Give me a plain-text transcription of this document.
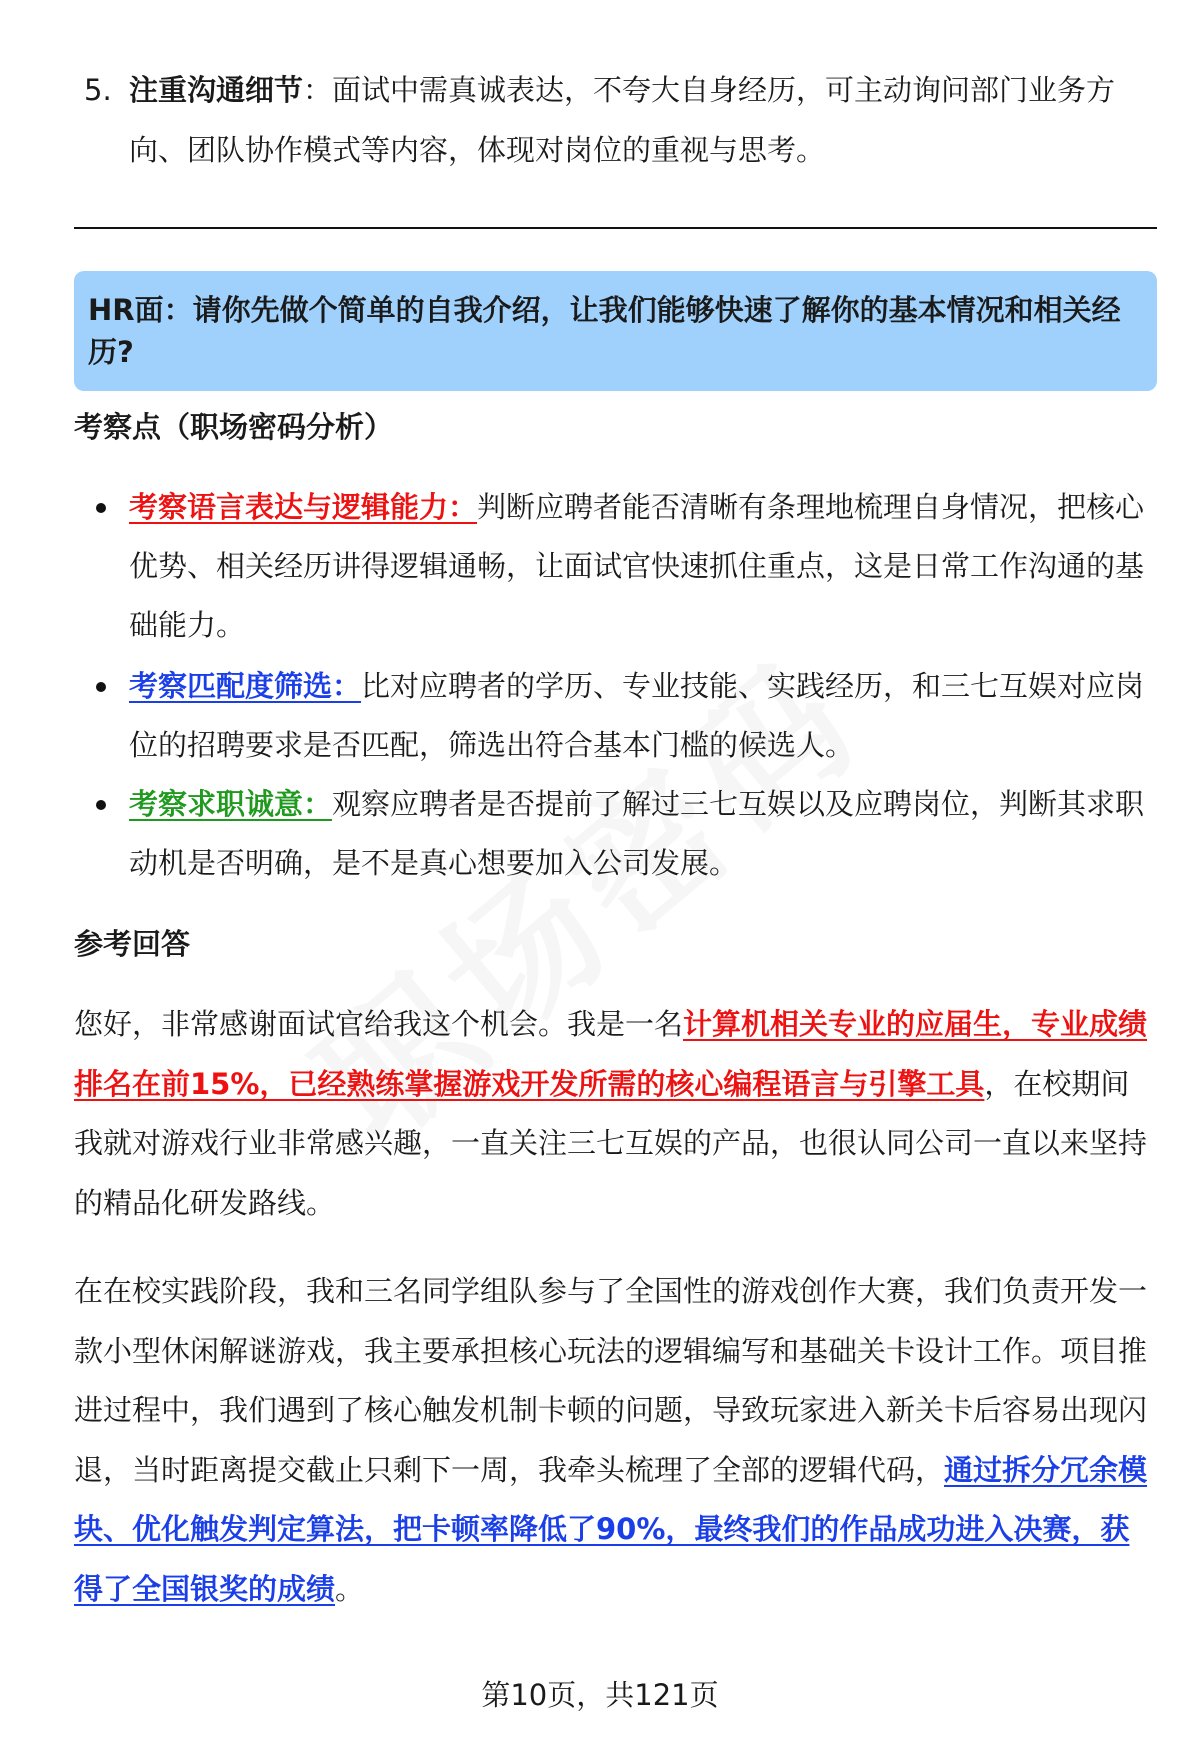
5. 注重沟通细节：面试中需真诚表达，不夸大自身经历，可主动询问部门业务方向、团队协作模式等内容，体现对岗位的重视与思考。
HR面：请你先做个简单的自我介绍，让我们能够快速了解你的基本情况和相关经历?
考察点（职场密码分析）
考察语言表达与逻辑能力：判断应聘者能否清晰有条理地梳理自身情况，把核心优势、相关经历讲得逻辑通畅，让面试官快速抓住重点，这是日常工作沟通的基础能力。
考察匹配度筛选：比对应聘者的学历、专业技能、实践经历，和三七互娱对应岗位的招聘要求是否匹配，筛选出符合基本门槛的候选人。
考察求职诚意：观察应聘者是否提前了解过三七互娱以及应聘岗位，判断其求职动机是否明确，是不是真心想要加入公司发展。
参考回答

您好，非常感谢面试官给我这个机会。我是一名计算机相关专业的应届生，专业成绩排名在前15%，已经熟练掌握游戏开发所需的核心编程语言与引擎工具，在校期间我就对游戏行业非常感兴趣，一直关注三七互娱的产品，也很认同公司一直以来坚持的精品化研发路线。

在在校实践阶段，我和三名同学组队参与了全国性的游戏创作大赛，我们负责开发一款小型休闲解谜游戏，我主要承担核心玩法的逻辑编写和基础关卡设计工作。项目推进过程中，我们遇到了核心触发机制卡顿的问题，导致玩家进入新关卡后容易出现闪退，当时距离提交截止只剩下一周，我牵头梳理了全部的逻辑代码，通过拆分冗余模块、优化触发判定算法，把卡顿率降低了90%，最终我们的作品成功进入决赛，获得了全国银奖的成绩。

第10页，共121页
